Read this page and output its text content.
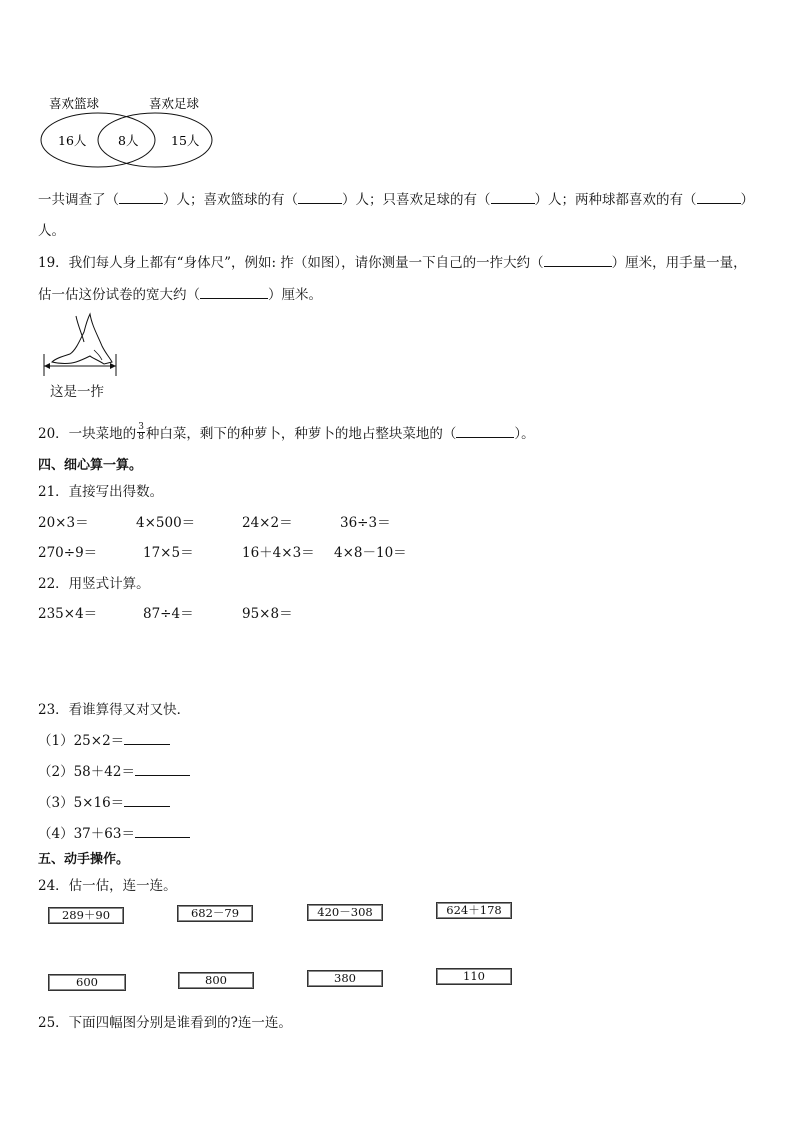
喜欢篮球	喜欢足球
16人	8人	15人
一共调查了（	）人；喜欢篮球的有（	）人；只喜欢足球的有（	）人；两种球都喜欢的有（	）
人。
19．我们每人身上都有“身体尺”，例如: 拃（如图），请你测量一下自己的一拃大约（	）厘米，用手量一量，
估一估这份试卷的宽大约（	）厘米。
这是一拃
20．一块菜地的 $\frac{3}{8}$ 种白菜，剩下的种萝卜，种萝卜的地占整块菜地的（	）。
四、细心算一算。
21．直接写出得数。
20×3＝	4×500＝	24×2＝	36÷3＝
270÷9＝	17×5＝	16＋4×3＝ 4×8－10＝
22．用竖式计算。
235×4＝	87÷4＝	95×8＝
23．看谁算得又对又快．
（1）25×2＝
（2）58＋42＝
（3）5×16＝
（4）37＋63＝
五、动手操作。
24．估一估，连一连。
289＋90	682－79	420－308	624＋178
600	800	380	110
25．下面四幅图分别是谁看到的?连一连。
